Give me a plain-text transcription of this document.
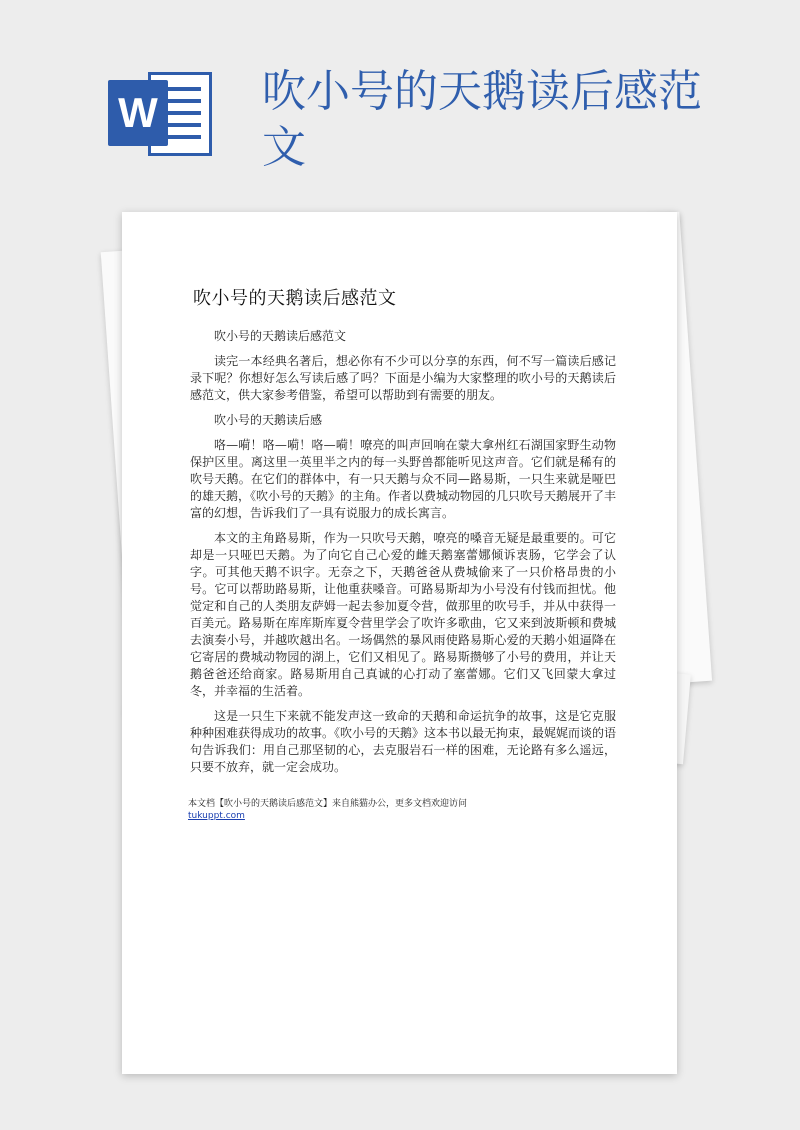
W 吹小号的天鹅读后感范文
吹小号的天鹅读后感范文

吹小号的天鹅读后感范文

读完一本经典名著后，想必你有不少可以分享的东西，何不写一篇读后感记录下呢？你想好怎么写读后感了吗？下面是小编为大家整理的吹小号的天鹅读后感范文，供大家参考借鉴，希望可以帮助到有需要的朋友。

吹小号的天鹅读后感

咯—嗬！咯—嗬！咯—嗬！嘹亮的叫声回响在蒙大拿州红石湖国家野生动物保护区里。离这里一英里半之内的每一头野兽都能听见这声音。它们就是稀有的吹号天鹅。在它们的群体中，有一只天鹅与众不同—路易斯，一只生来就是哑巴的雄天鹅，《吹小号的天鹅》的主角。作者以费城动物园的几只吹号天鹅展开了丰富的幻想，告诉我们了一具有说服力的成长寓言。

本文的主角路易斯，作为一只吹号天鹅，嘹亮的嗓音无疑是最重要的。可它却是一只哑巴天鹅。为了向它自己心爱的雌天鹅塞蕾娜倾诉衷肠，它学会了认字。可其他天鹅不识字。无奈之下，天鹅爸爸从费城偷来了一只价格昂贵的小号。它可以帮助路易斯，让他重获嗓音。可路易斯却为小号没有付钱而担忧。他觉定和自己的人类朋友萨姆一起去参加夏令营，做那里的吹号手，并从中获得一百美元。路易斯在库库斯库夏令营里学会了吹许多歌曲，它又来到波斯顿和费城去演奏小号，并越吹越出名。一场偶然的暴风雨使路易斯心爱的天鹅小姐逼降在它寄居的费城动物园的湖上，它们又相见了。路易斯攒够了小号的费用，并让天鹅爸爸还给商家。路易斯用自己真诚的心打动了塞蕾娜。它们又飞回蒙大拿过冬，并幸福的生活着。

这是一只生下来就不能发声这一致命的天鹅和命运抗争的故事，这是它克服种种困难获得成功的故事。《吹小号的天鹅》这本书以最无拘束，最娓娓而谈的语句告诉我们：用自己那坚韧的心，去克服岩石一样的困难，无论路有多么遥远，只要不放弃，就一定会成功。

本文档【吹小号的天鹅读后感范文】来自熊猫办公，更多文档欢迎访问
tukuppt.com
